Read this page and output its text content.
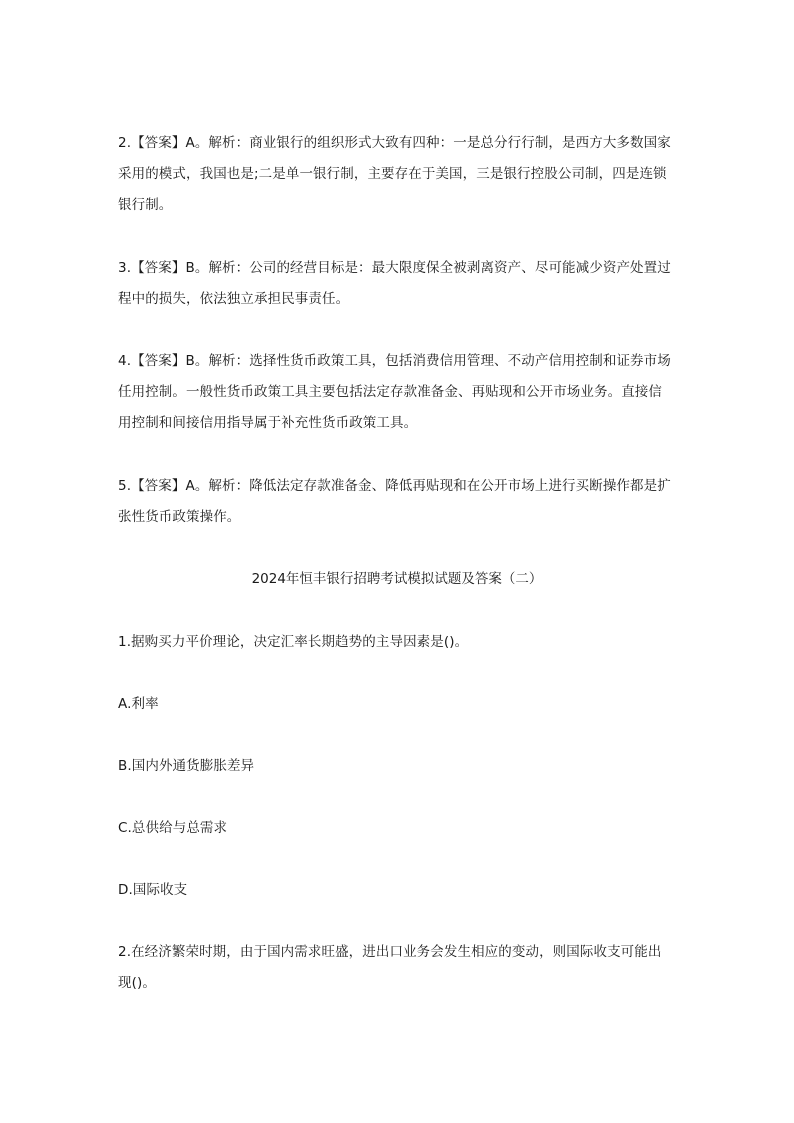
2.【答案】A。解析：商业银行的组织形式大致有四种：一是总分行行制，是西方大多数国家采用的模式，我国也是;二是单一银行制，主要存在于美国，三是银行控股公司制，四是连锁银行制。

3.【答案】B。解析：公司的经营目标是：最大限度保全被剥离资产、尽可能减少资产处置过程中的损失，依法独立承担民事责任。

4.【答案】B。解析：选择性货币政策工具，包括消费信用管理、不动产信用控制和证券市场任用控制。一般性货币政策工具主要包括法定存款准备金、再贴现和公开市场业务。直接信用控制和间接信用指导属于补充性货币政策工具。

5.【答案】A。解析：降低法定存款准备金、降低再贴现和在公开市场上进行买断操作都是扩张性货币政策操作。

2024年恒丰银行招聘考试模拟试题及答案（二）

1.据购买力平价理论，决定汇率长期趋势的主导因素是()。

A.利率

B.国内外通货膨胀差异

C.总供给与总需求

D.国际收支

2.在经济繁荣时期，由于国内需求旺盛，进出口业务会发生相应的变动，则国际收支可能出现()。
